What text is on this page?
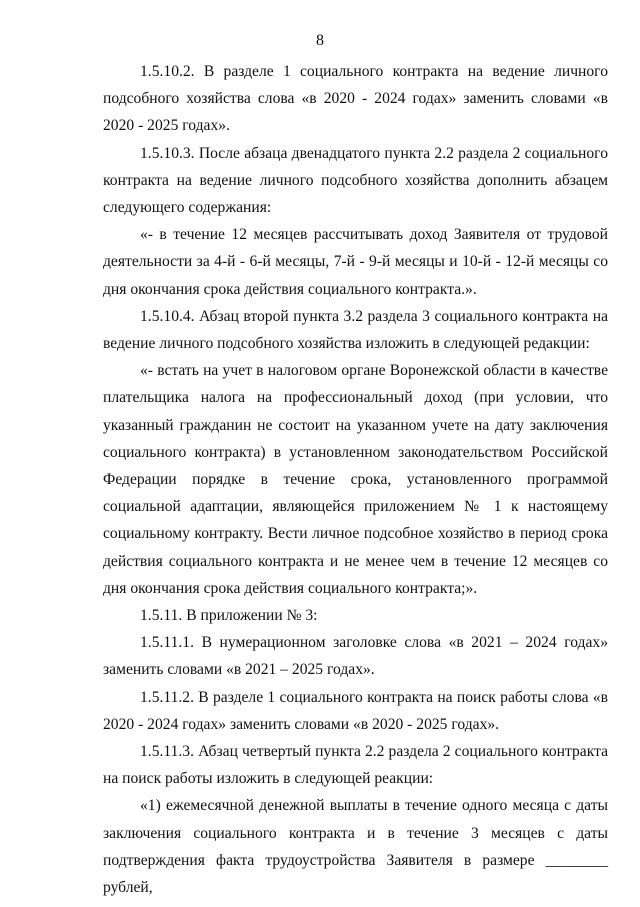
8

1.5.10.2. В разделе 1 социального контракта на ведение личного подсобного хозяйства слова «в 2020 - 2024 годах» заменить словами «в 2020 - 2025 годах».

1.5.10.3. После абзаца двенадцатого пункта 2.2 раздела 2 социального контракта на ведение личного подсобного хозяйства дополнить абзацем следующего содержания:

«- в течение 12 месяцев рассчитывать доход Заявителя от трудовой деятельности за 4-й - 6-й месяцы, 7-й - 9-й месяцы и 10-й - 12-й месяцы со дня окончания срока действия социального контракта.».

1.5.10.4. Абзац второй пункта 3.2 раздела 3 социального контракта на ведение личного подсобного хозяйства изложить в следующей редакции:

«- встать на учет в налоговом органе Воронежской области в качестве плательщика налога на профессиональный доход (при условии, что указанный гражданин не состоит на указанном учете на дату заключения социального контракта) в установленном законодательством Российской Федерации порядке в течение срока, установленного программой социальной адаптации, являющейся приложением № 1 к настоящему социальному контракту. Вести личное подсобное хозяйство в период срока действия социального контракта и не менее чем в течение 12 месяцев со дня окончания срока действия социального контракта;».

1.5.11. В приложении № 3:

1.5.11.1. В нумерационном заголовке слова «в 2021 – 2024 годах» заменить словами «в 2021 – 2025 годах».

1.5.11.2. В разделе 1 социального контракта на поиск работы слова «в 2020 - 2024 годах» заменить словами «в 2020 - 2025 годах».

1.5.11.3. Абзац четвертый пункта 2.2 раздела 2 социального контракта на поиск работы изложить в следующей реакции:

«1) ежемесячной денежной выплаты в течение одного месяца с даты заключения социального контракта и в течение 3 месяцев с даты подтверждения факта трудоустройства Заявителя в размере ________ рублей,
